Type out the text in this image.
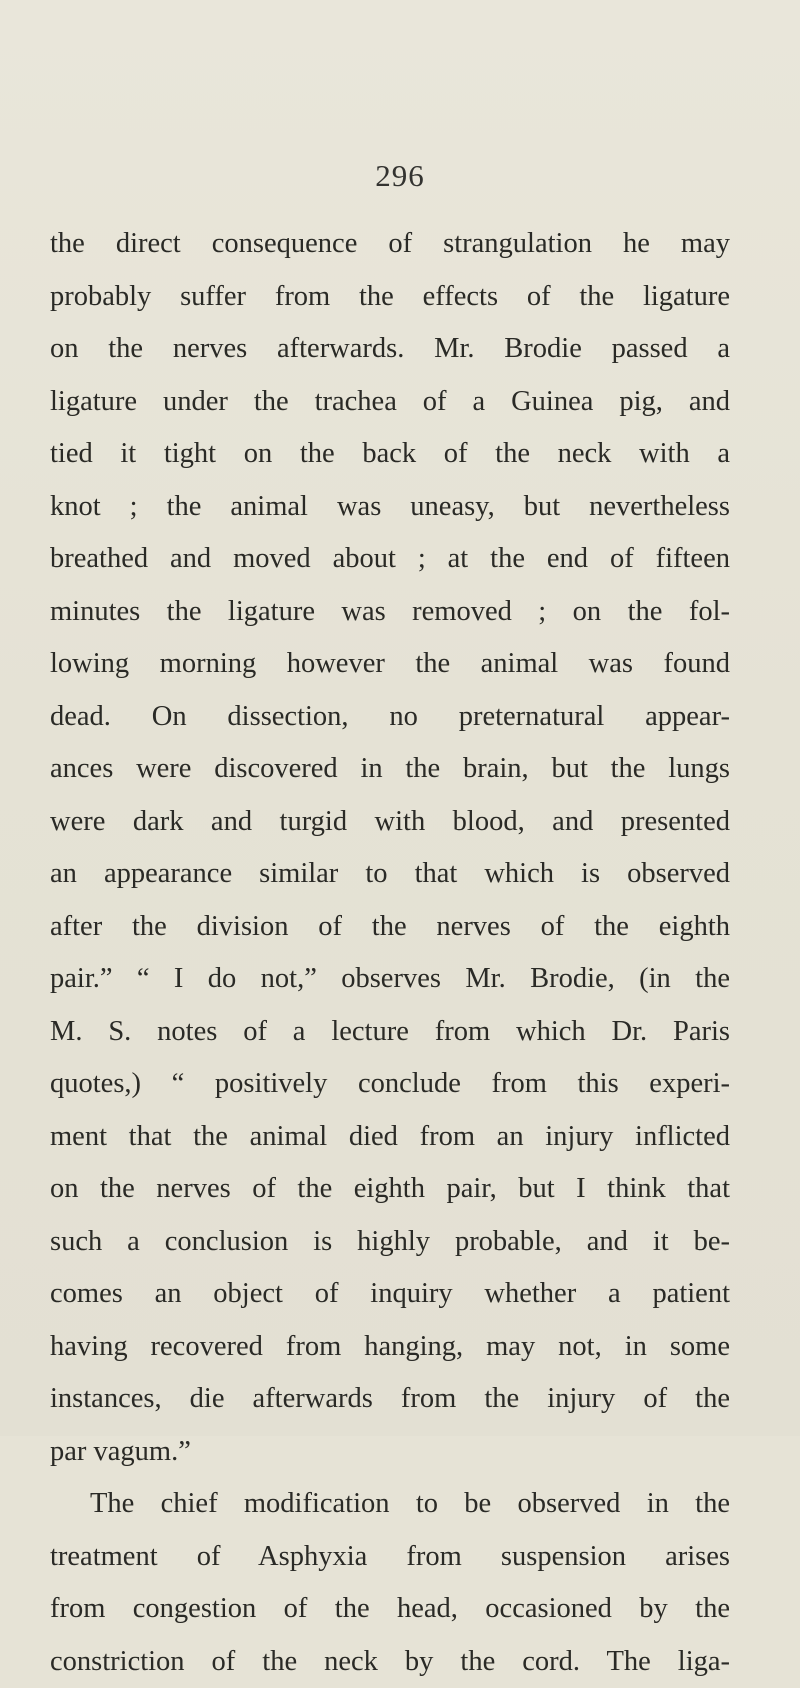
296
the direct consequence of strangulation he may
probably suffer from the effects of the ligature
on the nerves afterwards. Mr. Brodie passed a
ligature under the trachea of a Guinea pig, and
tied it tight on the back of the neck with a
knot ; the animal was uneasy, but nevertheless
breathed and moved about ; at the end of fifteen
minutes the ligature was removed ; on the fol-
lowing morning however the animal was found
dead. On dissection, no preternatural appear-
ances were discovered in the brain, but the lungs
were dark and turgid with blood, and presented
an appearance similar to that which is observed
after the division of the nerves of the eighth
pair.” “ I do not,” observes Mr. Brodie, (in the
M. S. notes of a lecture from which Dr. Paris
quotes,) “ positively conclude from this experi-
ment that the animal died from an injury inflicted
on the nerves of the eighth pair, but I think that
such a conclusion is highly probable, and it be-
comes an object of inquiry whether a patient
having recovered from hanging, may not, in some
instances, die afterwards from the injury of the
par vagum.”
The chief modification to be observed in the
treatment of Asphyxia from suspension arises
from congestion of the head, occasioned by the
constriction of the neck by the cord. The liga-
